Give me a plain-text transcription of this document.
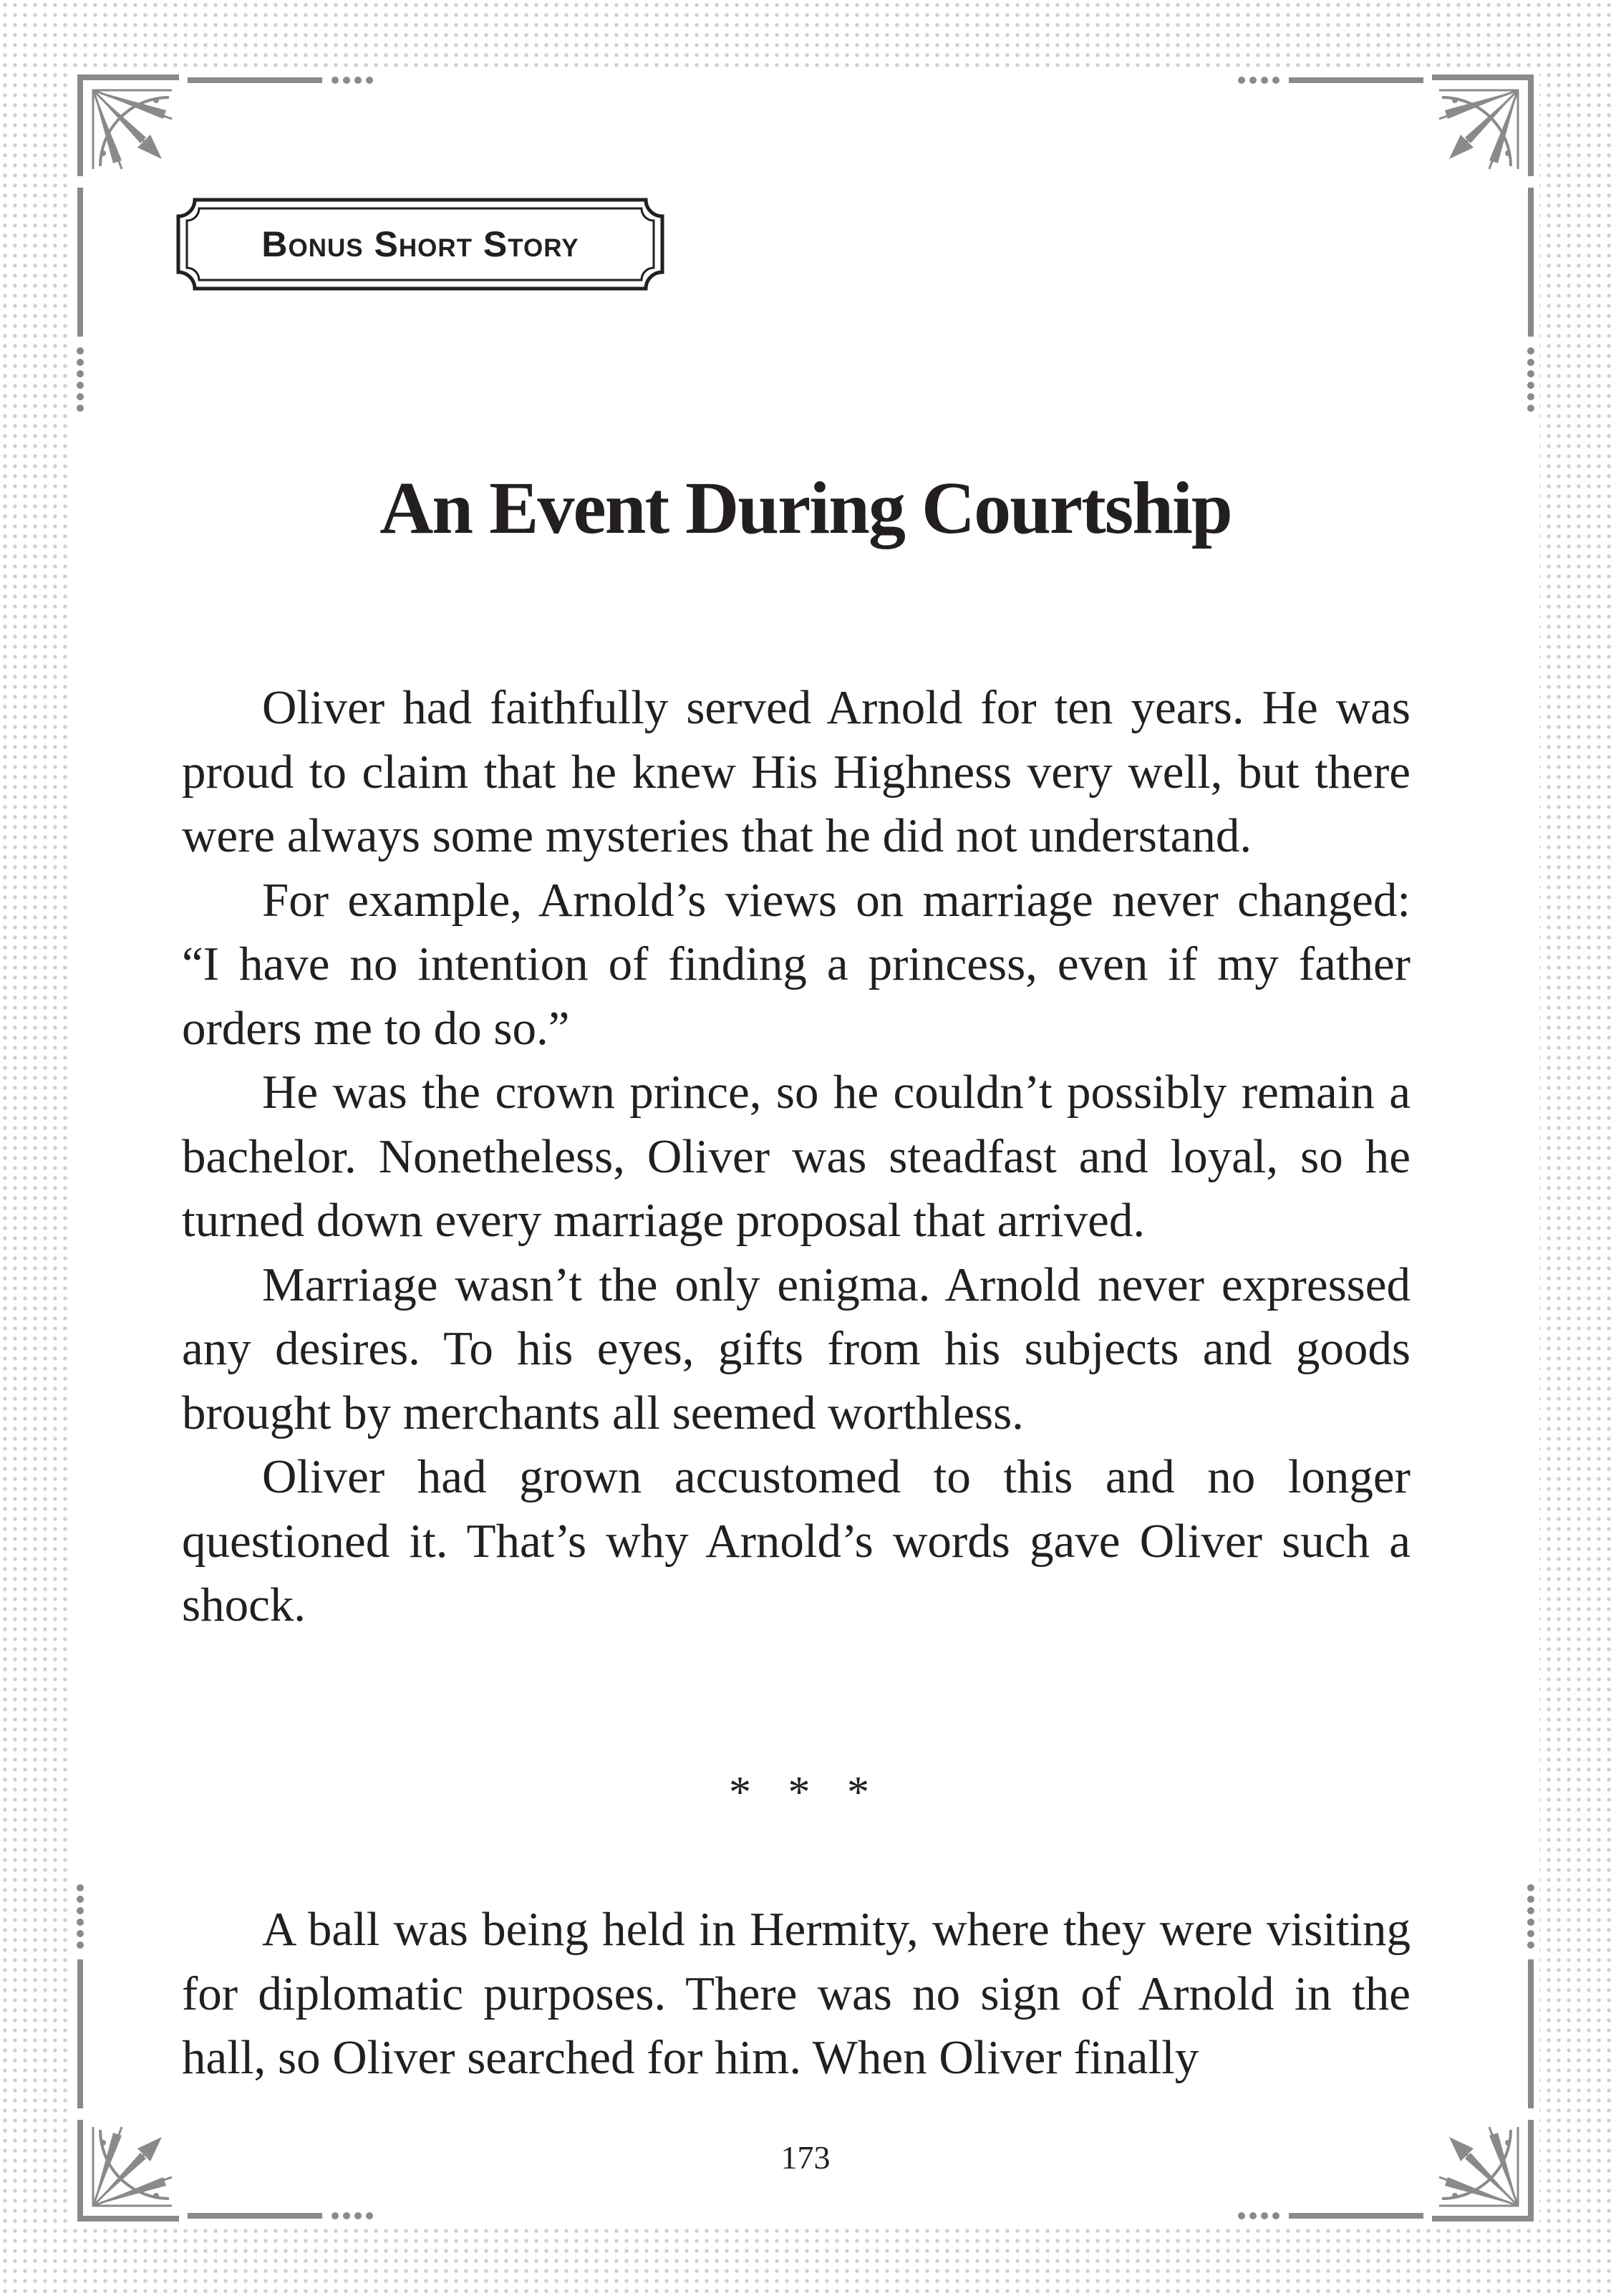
Bonus Short Story
An Event During Courtship

Oliver had faithfully served Arnold for ten years. He was proud to claim that he knew His Highness very well, but there were always some mysteries that he did not understand.

For example, Arnold’s views on marriage never changed: “I have no intention of finding a princess, even if my father orders me to do so.”

He was the crown prince, so he couldn’t possibly remain a bachelor. Nonetheless, Oliver was steadfast and loyal, so he turned down every marriage proposal that arrived.

Marriage wasn’t the only enigma. Arnold never expressed any desires. To his eyes, gifts from his subjects and goods brought by merchants all seemed worthless.

Oliver had grown accustomed to this and no longer questioned it. That’s why Arnold’s words gave Oliver such a shock.

* * *

A ball was being held in Hermity, where they were visiting for diplomatic purposes. There was no sign of Arnold in the hall, so Oliver searched for him. When Oliver finally

173
